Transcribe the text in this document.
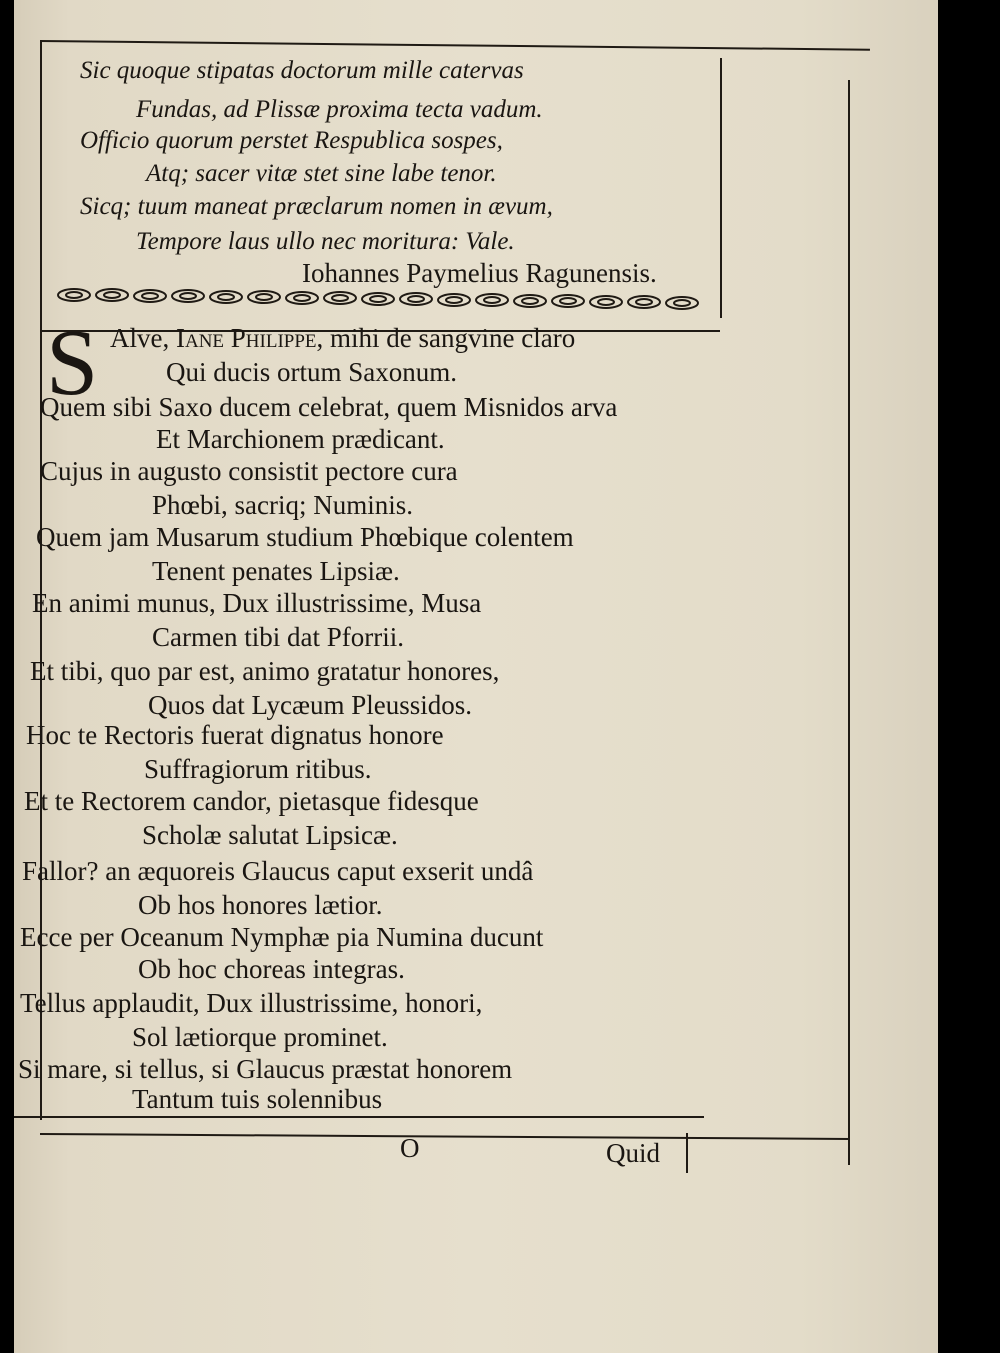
Sic quoque stipatas doctorum mille catervas
Fundas, ad Plissæ proxima tecta vadum.
Officio quorum perstet Respublica sospes,
Atq; sacer vitæ stet sine labe tenor.
Sicq; tuum maneat præclarum nomen in ævum,
Tempore laus ullo nec moritura: Vale.
Iohannes Paymelius Ragunensis.
S Alve, Iane Philippe, mihi de sangvine claro
Qui ducis ortum Saxonum.
Quem sibi Saxo ducem celebrat, quem Misnidos arva
Et Marchionem prædicant.
Cujus in augusto consistit pectore cura
Phœbi, sacriq; Numinis.
Quem jam Musarum studium Phœbique colentem
Tenent penates Lipsiæ.
En animi munus, Dux illustrissime, Musa
Carmen tibi dat Pforrii.
Et tibi, quo par est, animo gratatur honores,
Quos dat Lycæum Pleussidos.
Hoc te Rectoris fuerat dignatus honore
Suffragiorum ritibus.
Et te Rectorem candor, pietasque fidesque
Scholæ salutat Lipsicæ.
Fallor? an æquoreis Glaucus caput exserit undâ
Ob hos honores lætior.
Ecce per Oceanum Nymphæ pia Numina ducunt
Ob hoc choreas integras.
Tellus applaudit, Dux illustrissime, honori,
Sol lætiorque prominet.
Si mare, si tellus, si Glaucus præstat honorem
Tantum tuis solennibus
O	Quid
